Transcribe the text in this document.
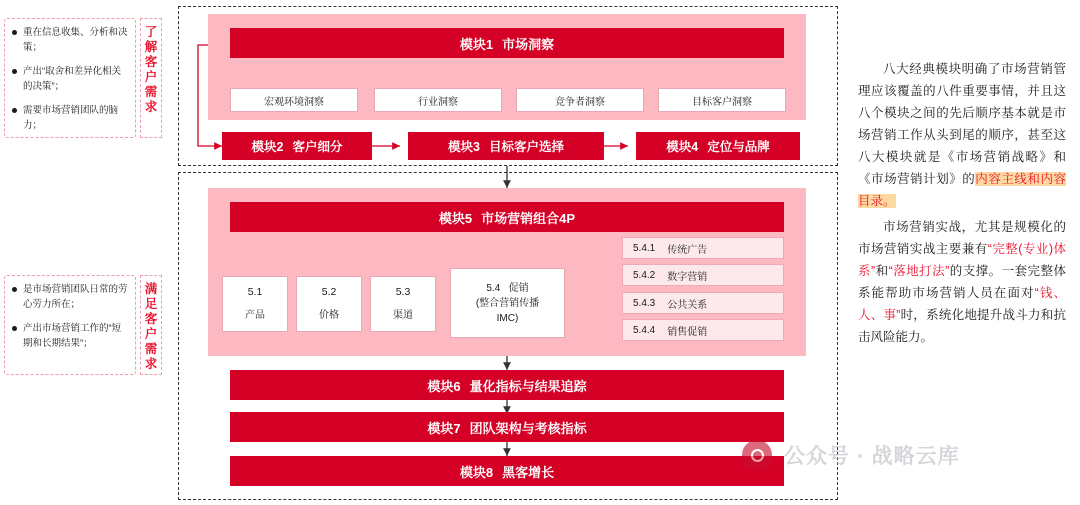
重在信息收集、分析和决策；
产出“取舍和差异化相关的决策”；
需要市场营销团队的脑力；
了解客户需求
是市场营销团队日常的劳心劳力所在；
产出市场营销工作的“短期和长期结果”；
满足客户需求
模块1 市场洞察
宏观环境洞察	行业洞察	竞争者洞察	目标客户洞察
模块2 客户细分	模块3 目标客户选择	模块4 定位与品牌
模块5 市场营销组合4P
5.1
产品
5.2
价格
5.3
渠道
5.4 促销
(整合营销传播
IMC)
5.4.1 传统广告
5.4.2 数字营销
5.4.3 公共关系
5.4.4 销售促销
模块6 量化指标与结果追踪
模块7 团队架构与考核指标
模块8 黑客增长

八大经典模块明确了市场营销管理应该覆盖的八件重要事情，并且这八个模块之间的先后顺序基本就是市场营销工作从头到尾的顺序，甚至这八大模块就是《市场营销战略》和《市场营销计划》的内容主线和内容目录。

市场营销实战，尤其是规模化的市场营销实战主要兼有“完整(专业)体系”和“落地打法”的支撑。一套完整体系能帮助市场营销人员在面对“钱、人、事”时，系统化地提升战斗力和抗击风险能力。

公众号 · 战略云库
